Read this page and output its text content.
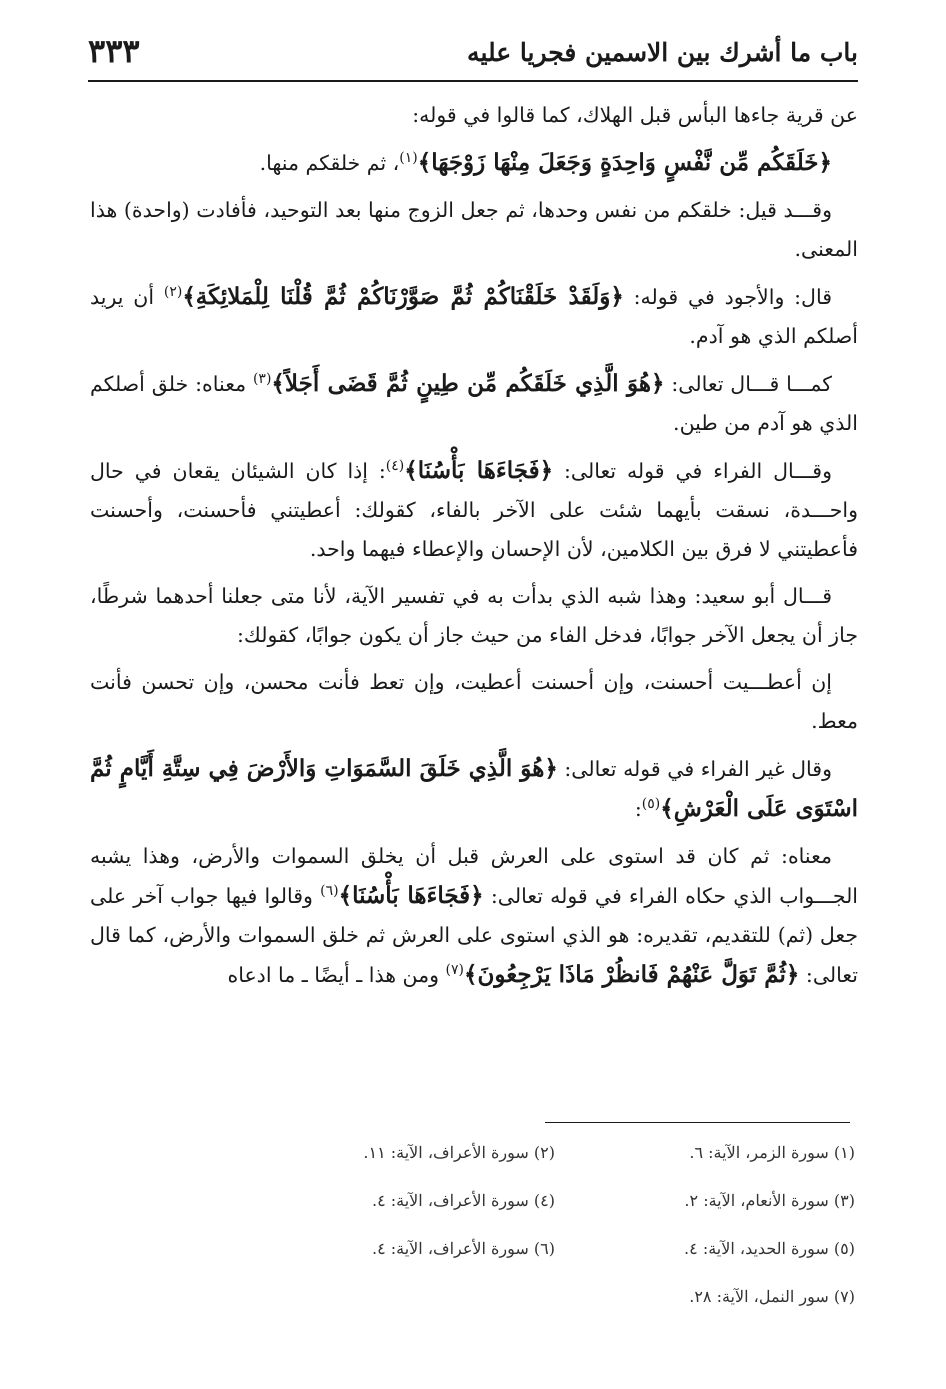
باب ما أشرك بين الاسمين فجريا عليه
٣٣٣

عن قرية جاءها البأس قبل الهلاك، كما قالوا في قوله:

﴿خَلَقَكُم مِّن نَّفْسٍ وَاحِدَةٍ وَجَعَلَ مِنْهَا زَوْجَهَا﴾$^{(١)}$، ثم خلقكم منها.

وقـــد قيل: خلقكم من نفس وحدها، ثم جعل الزوج منها بعد التوحيد، فأفادت (واحدة) هذا المعنى.

قال: والأجود في قوله: ﴿وَلَقَدْ خَلَقْنَاكُمْ ثُمَّ صَوَّرْنَاكُمْ ثُمَّ قُلْنَا لِلْمَلائِكَةِ﴾$^{(٢)}$ أن يريد أصلكم الذي هو آدم.

كمـــا قـــال تعالى: ﴿هُوَ الَّذِي خَلَقَكُم مِّن طِينٍ ثُمَّ قَضَى أَجَلاً﴾$^{(٣)}$ معناه: خلق أصلكم الذي هو آدم من طين.

وقـــال الفراء في قوله تعالى: ﴿فَجَاءَهَا بَأْسُنَا﴾$^{(٤)}$: إذا كان الشيئان يقعان في حال واحـــدة، نسقت بأيهما شئت على الآخر بالفاء، كقولك: أعطيتني فأحسنت، وأحسنت فأعطيتني لا فرق بين الكلامين، لأن الإحسان والإعطاء فيهما واحد.

قـــال أبو سعيد: وهذا شبه الذي بدأت به في تفسير الآية، لأنا متى جعلنا أحدهما شرطًا، جاز أن يجعل الآخر جوابًا، فدخل الفاء من حيث جاز أن يكون جوابًا، كقولك:

إن أعطـــيت أحسنت، وإن أحسنت أعطيت، وإن تعط فأنت محسن، وإن تحسن فأنت معط.

وقال غير الفراء في قوله تعالى: ﴿هُوَ الَّذِي خَلَقَ السَّمَوَاتِ وَالأَرْضَ فِي سِتَّةِ أَيَّامٍ ثُمَّ اسْتَوَى عَلَى الْعَرْشِ﴾$^{(٥)}$:

معناه: ثم كان قد استوى على العرش قبل أن يخلق السموات والأرض، وهذا يشبه الجـــواب الذي حكاه الفراء في قوله تعالى: ﴿فَجَاءَهَا بَأْسُنَا﴾$^{(٦)}$ وقالوا فيها جواب آخر على جعل (ثم) للتقديم، تقديره: هو الذي استوى على العرش ثم خلق السموات والأرض، كما قال تعالى: ﴿ثُمَّ تَوَلَّ عَنْهُمْ فَانظُرْ مَاذَا يَرْجِعُونَ﴾$^{(٧)}$ ومن هذا ـ أيضًا ـ ما ادعاه

(١) سورة الزمر، الآية: ٦.
(٢) سورة الأعراف، الآية: ١١.
(٣) سورة الأنعام، الآية: ٢.
(٤) سورة الأعراف، الآية: ٤.
(٥) سورة الحديد، الآية: ٤.
(٦) سورة الأعراف، الآية: ٤.
(٧) سور النمل، الآية: ٢٨.
